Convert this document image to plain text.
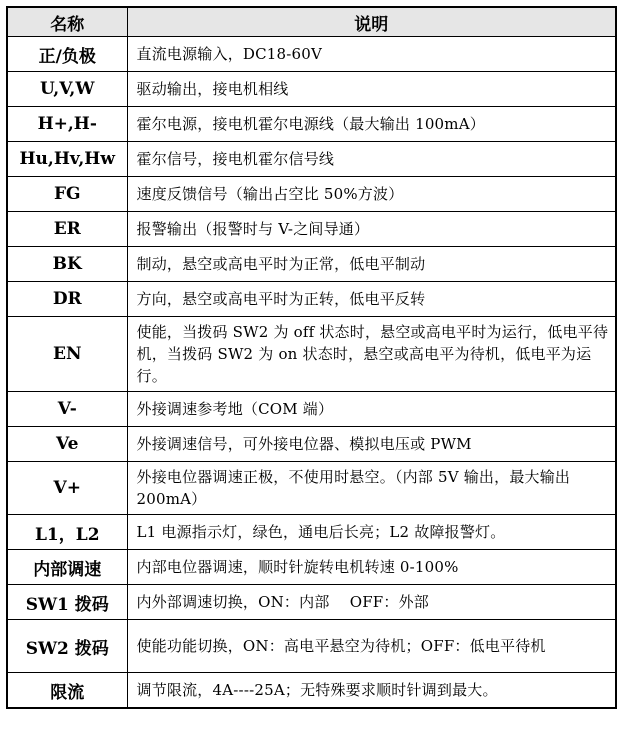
名称	说明
正/负极	直流电源输入，DC18-60V
U,V,W	驱动输出，接电机相线
H+,H-	霍尔电源，接电机霍尔电源线（最大输出 100mA）
Hu,Hv,Hw	霍尔信号，接电机霍尔信号线
FG	速度反馈信号（输出占空比 50%方波）
ER	报警输出（报警时与 V-之间导通）
BK	制动，悬空或高电平时为正常，低电平制动
DR	方向，悬空或高电平时为正转，低电平反转
EN	使能，当拨码 SW2 为 off 状态时，悬空或高电平时为运行，低电平待机，当拨码 SW2 为 on 状态时，悬空或高电平为待机，低电平为运行。
V-	外接调速参考地（COM 端）
Ve	外接调速信号，可外接电位器、模拟电压或 PWM
V+	外接电位器调速正极，不使用时悬空。（内部 5V 输出，最大输出 200mA）
L1，L2	L1 电源指示灯，绿色，通电后长亮；L2 故障报警灯。
内部调速	内部电位器调速，顺时针旋转电机转速 0-100%
SW1 拨码	内外部调速切换，ON：内部　 OFF：外部
SW2 拨码	使能功能切换，ON：高电平悬空为待机；OFF：低电平待机
限流	调节限流，4A----25A；无特殊要求顺时针调到最大。
